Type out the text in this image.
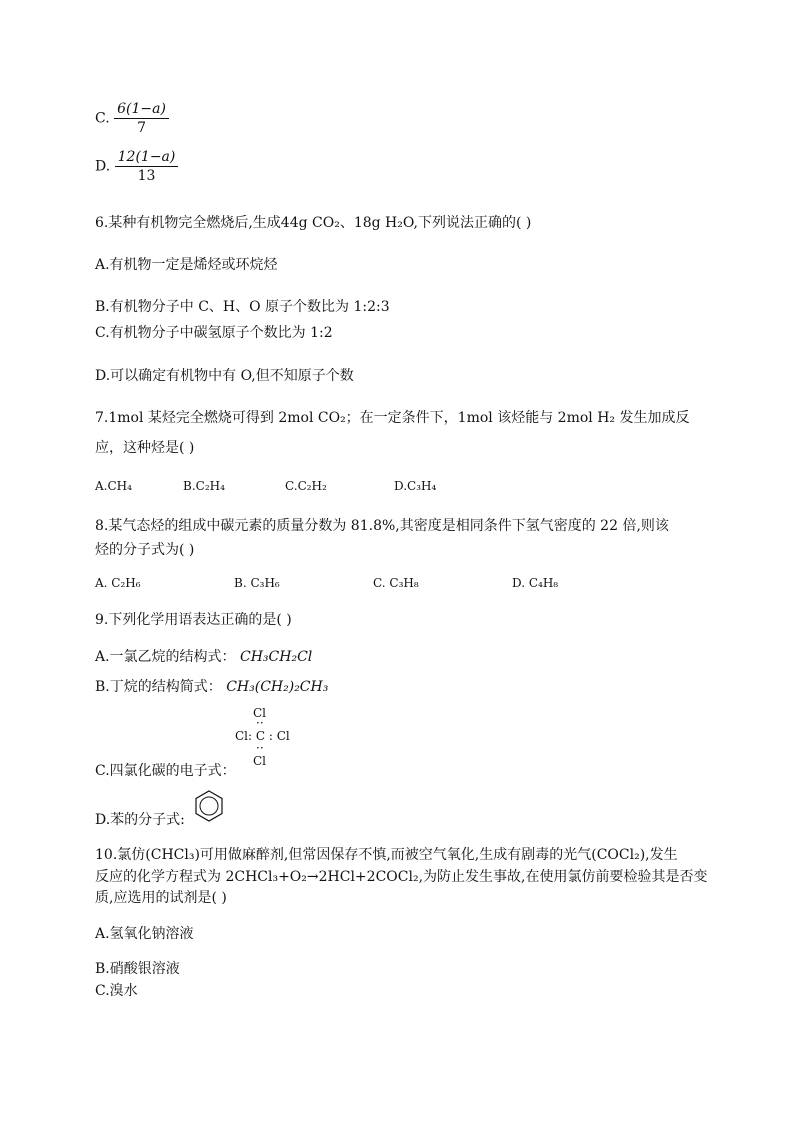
C. $\frac{6(1-a)}{7}$
D. $\frac{12(1-a)}{13}$
6.某种有机物完全燃烧后,生成44g CO₂、18g H₂O,下列说法正确的( )
A.有机物一定是烯烃或环烷烃
B.有机物分子中 C、H、O 原子个数比为 1:2:3
C.有机物分子中碳氢原子个数比为 1:2
D.可以确定有机物中有 O,但不知原子个数
7.1mol 某烃完全燃烧可得到 2mol CO₂；在一定条件下，1mol 该烃能与 2mol H₂ 发生加成反
应，这种烃是( )
A.CH₄	B.C₂H₄	C.C₂H₂	D.C₃H₄
8.某气态烃的组成中碳元素的质量分数为 81.8%,其密度是相同条件下氢气密度的 22 倍,则该
烃的分子式为( )
A. C₂H₆	B. C₃H₆	C. C₃H₈	D. C₄H₈
9.下列化学用语表达正确的是( )
A.一氯乙烷的结构式： CH₃CH₂Cl
B.丁烷的结构简式： CH₃(CH₂)₂CH₃
Cl
··
Cl: C : Cl
··
Cl
C.四氯化碳的电子式：
D.苯的分子式:
10.氯仿(CHCl₃)可用做麻醉剂,但常因保存不慎,而被空气氧化,生成有剧毒的光气(COCl₂),发生
反应的化学方程式为 2CHCl₃+O₂→2HCl+2COCl₂,为防止发生事故,在使用氯仿前要检验其是否变
质,应选用的试剂是( )
A.氢氧化钠溶液
B.硝酸银溶液
C.溴水
